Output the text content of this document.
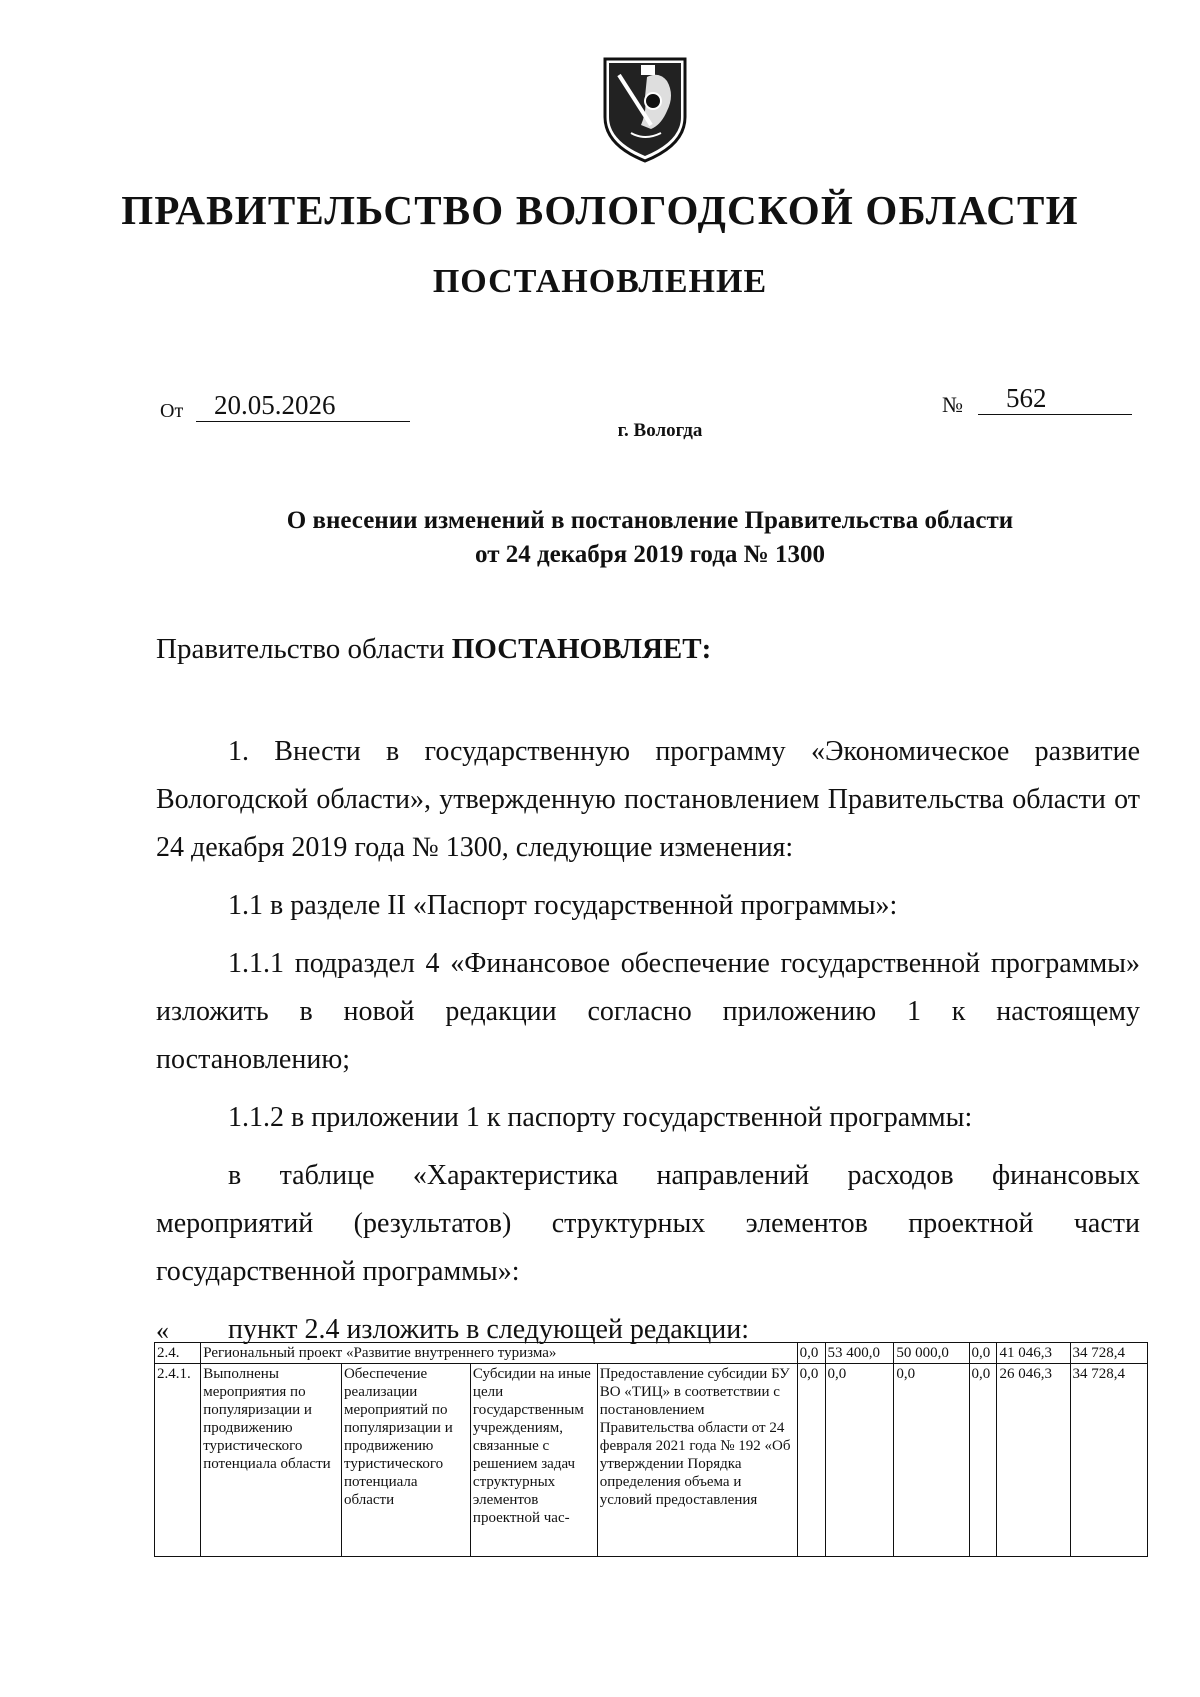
ПРАВИТЕЛЬСТВО ВОЛОГОДСКОЙ ОБЛАСТИ
ПОСТАНОВЛЕНИЕ
От 20.05.2026	№ 562
г. Вологда
О внесении изменений в постановление Правительства области
от 24 декабря 2019 года № 1300
Правительство области ПОСТАНОВЛЯЕТ:

1. Внести в государственную программу «Экономическое развитие Вологодской области», утвержденную постановлением Правительства области от 24 декабря 2019 года № 1300, следующие изменения:

1.1 в разделе II «Паспорт государственной программы»:

1.1.1 подраздел 4 «Финансовое обеспечение государственной программы» изложить в новой редакции согласно приложению 1 к настоящему постановлению;

1.1.2 в приложении 1 к паспорту государственной программы:

в таблице «Характеристика направлений расходов финансовых мероприятий (результатов) структурных элементов проектной части государственной программы»:

пункт 2.4 изложить в следующей редакции:

«
2.4.	Региональный проект «Развитие внутреннего туризма»				0,0	53 400,0	50 000,0	0,0	41 046,3	34 728,4
2.4.1.	Выполнены мероприятия по популяризации и продвижению туристического потенциала области	Обеспечение реализации мероприятий по популяризации и продвижению туристического потенциала области	Субсидии на иные цели государственным учреждениям, связанные с решением задач структурных элементов проектной час-	Предоставление субсидии БУ ВО «ТИЦ» в соответствии с постановлением Правительства области от 24 февраля 2021 года № 192 «Об утверждении Порядка определения объема и условий предоставления	0,0	0,0	0,0	0,0	26 046,3	34 728,4
